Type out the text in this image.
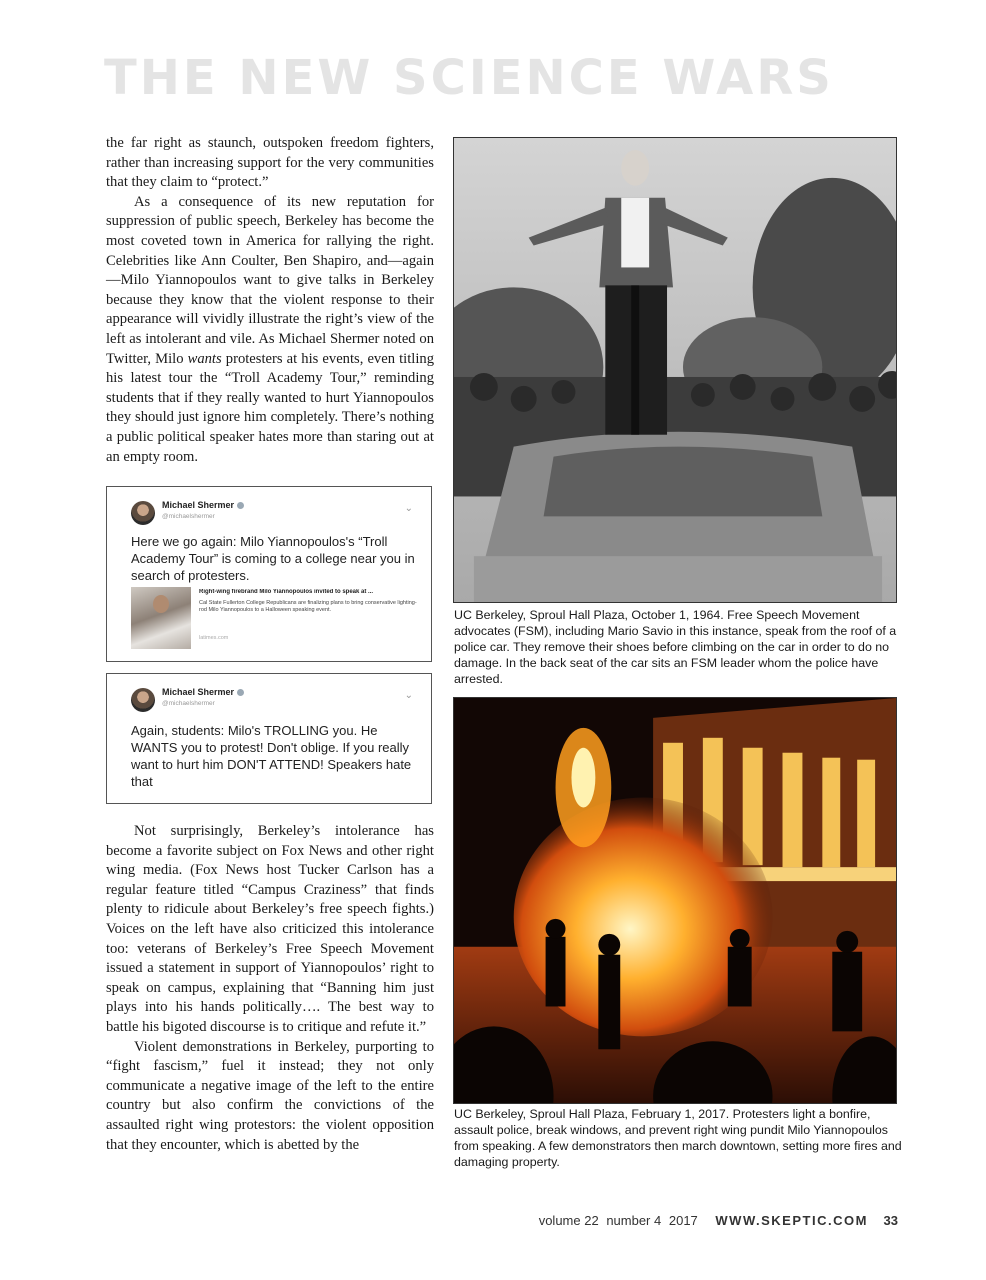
THE NEW SCIENCE WARS

the far right as staunch, outspoken freedom fighters, rather than increasing support for the very communities that they claim to “protect.”

As a consequence of its new reputation for suppression of public speech, Berkeley has become the most coveted town in America for rallying the right. Celebrities like Ann Coulter, Ben Shapiro, and—again—Milo Yiannopoulos want to give talks in Berkeley because they know that the violent response to their appearance will vividly illustrate the right’s view of the left as intolerant and vile. As Michael Shermer noted on Twitter, Milo wants protesters at his events, even titling his latest tour the “Troll Academy Tour,” reminding students that if they really wanted to hurt Yiannopoulos they should just ignore him completely. There’s nothing a public political speaker hates more than staring out at an empty room.

Michael Shermer
@michaelshermer
⌄
Here we go again: Milo Yiannopoulos's “Troll Academy Tour” is coming to a college near you in search of protesters.
Right-wing firebrand Milo Yiannopoulos invited to speak at ...
Cal State Fullerton College Republicans are finalizing plans to bring conservative lighting-rod Milo Yiannopoulos to a Halloween speaking event.
latimes.com
Michael Shermer
@michaelshermer
⌄
Again, students: Milo's TROLLING you. He WANTS you to protest! Don't oblige. If you really want to hurt him DON'T ATTEND! Speakers hate that

Not surprisingly, Berkeley’s intolerance has become a favorite subject on Fox News and other right wing media. (Fox News host Tucker Carlson has a regular feature titled “Campus Craziness” that finds plenty to ridicule about Berkeley’s free speech fights.) Voices on the left have also criticized this intolerance too: veterans of Berkeley’s Free Speech Movement issued a statement in support of Yiannopoulos’ right to speak on campus, explaining that “Banning him just plays into his hands politically…. The best way to battle his bigoted discourse is to critique and refute it.”

Violent demonstrations in Berkeley, purporting to “fight fascism,” fuel it instead; they not only communicate a negative image of the left to the entire country but also confirm the convictions of the assaulted right wing protestors: the violent opposition that they encounter, which is abetted by the

UC Berkeley, Sproul Hall Plaza, October 1, 1964. Free Speech Movement advocates (FSM), including Mario Savio in this instance, speak from the roof of a police car. They remove their shoes before climbing on the car in order to do no damage. In the back seat of the car sits an FSM leader whom the police have arrested.
UC Berkeley, Sproul Hall Plaza, February 1, 2017. Protesters light a bonfire, assault police, break windows, and prevent right wing pundit Milo Yiannopoulos from speaking. A few demonstrators then march downtown, setting more fires and damaging property.
volume 22 number 4 2017 WWW.SKEPTIC.COM 33
